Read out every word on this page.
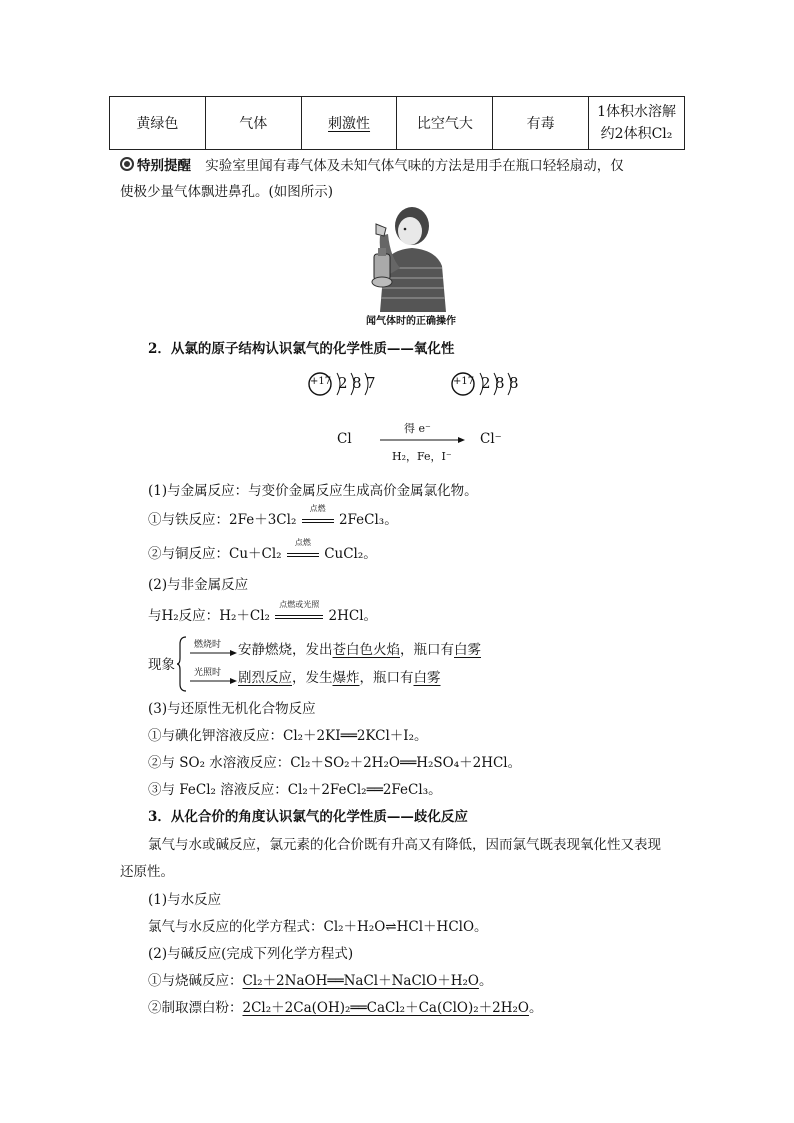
黄绿色	气体	刺激性	比空气大	有毒	
1体积水溶解
约2体积Cl₂
特别提醒 实验室里闻有毒气体及未知气体气味的方法是用手在瓶口轻轻扇动，仅
使极少量气体飘进鼻孔。(如图所示)
闻气体时的正确操作
2．从氯的原子结构认识氯气的化学性质——氧化性
+17 2 8 7	+17 2 8 8
Cl
得 e⁻
H₂，Fe，I⁻
Cl⁻
(1)与金属反应：与变价金属反应生成高价金属氯化物。
①与铁反应：2Fe＋3Cl₂
点燃
2FeCl₃。
②与铜反应：Cu＋Cl₂
点燃
CuCl₂。
(2)与非金属反应
与H₂反应：H₂＋Cl₂
点燃或光照
2HCl。
现象
燃烧时 安静燃烧，发出苍白色火焰，瓶口有白雾
光照时 剧烈反应，发生爆炸，瓶口有白雾
(3)与还原性无机化合物反应
①与碘化钾溶液反应：Cl₂＋2KI══2KCl＋I₂。
②与 SO₂ 水溶液反应：Cl₂＋SO₂＋2H₂O══H₂SO₄＋2HCl。
③与 FeCl₂ 溶液反应：Cl₂＋2FeCl₂══2FeCl₃。
3．从化合价的角度认识氯气的化学性质——歧化反应
氯气与水或碱反应，氯元素的化合价既有升高又有降低，因而氯气既表现氧化性又表现
还原性。
(1)与水反应
氯气与水反应的化学方程式：Cl₂＋H₂O⇌HCl＋HClO。
(2)与碱反应(完成下列化学方程式)
①与烧碱反应：Cl₂＋2NaOH══NaCl＋NaClO＋H₂O。
②制取漂白粉：2Cl₂＋2Ca(OH)₂══CaCl₂＋Ca(ClO)₂＋2H₂O。
